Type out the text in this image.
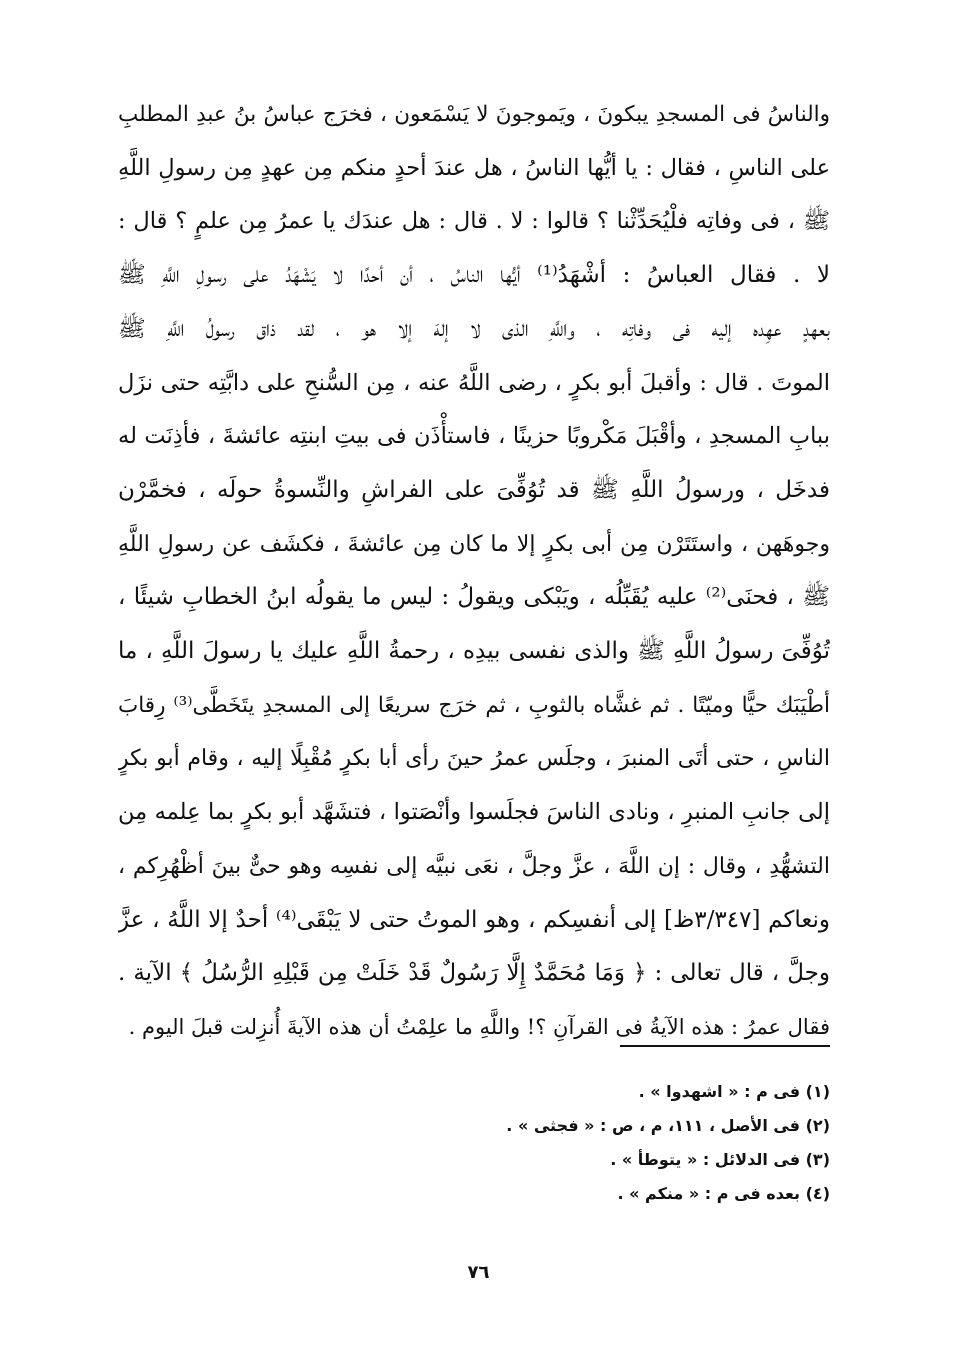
والناسُ فى المسجدِ يبكونَ ، ويَموجونَ لا يَسْمَعون ، فخرَج عباسُ بنُ عبدِ المطلبِ
على الناسِ ، فقال : يا أيُّها الناسُ ، هل عندَ أحدٍ منكم مِن عهدٍ مِن رسولِ اللَّهِ
ﷺ ، فى وفاتِه فلْيُحَدِّثْنا ؟ قالوا : لا . قال : هل عندَك يا عمرُ مِن علمٍ ؟ قال :
لا . فقال العباسُ : أشْهَدُ⁽¹⁾ أيُّها الناسُ ، أن أحدًا لا يَشْهَدُ على رسولِ اللَّهِ ﷺ
بعهدٍ عهِده إليه فى وفاتِه ، واللَّهِ الذى لا إلهَ إلا هو ، لقد ذاق رسولُ اللَّهِ ﷺ
الموتَ . قال : وأقبلَ أبو بكرٍ ، رضى اللَّهُ عنه ، مِن السُّنحِ على دابَّتِه حتى نزَل
ببابِ المسجدِ ، وأقْبَلَ مَكْروبًا حزينًا ، فاستأْذَن فى بيتِ ابنتِه عائشةَ ، فأذِنَت له
فدخَل ، ورسولُ اللَّهِ ﷺ قد تُوُفِّىَ على الفراشِ والنِّسوةُ حولَه ، فخمَّرْن
وجوهَهن ، واستَتَرْن مِن أبى بكرٍ إلا ما كان مِن عائشةَ ، فكشَف عن رسولِ اللَّهِ
ﷺ ، فحنَى⁽²⁾ عليه يُقَبِّلُه ، ويَبْكى ويقولُ : ليس ما يقولُه ابنُ الخطابِ شيئًا ،
تُوُفِّىَ رسولُ اللَّهِ ﷺ والذى نفسى بيدِه ، رحمةُ اللَّهِ عليك يا رسولَ اللَّهِ ، ما
أطْيَبَك حيًّا وميّتًا . ثم غشَّاه بالثوبِ ، ثم خرَج سريعًا إلى المسجدِ يتَخَطَّى⁽³⁾ رِقابَ
الناسِ ، حتى أتَى المنبرَ ، وجلَس عمرُ حينَ رأى أبا بكرٍ مُقْبِلًا إليه ، وقام أبو بكرٍ
إلى جانبِ المنبرِ ، ونادى الناسَ فجلَسوا وأنْصَتوا ، فتشَهَّد أبو بكرٍ بما عِلمه مِن
التشهُّدِ ، وقال : إن اللَّهَ ، عزَّ وجلَّ ، نعَى نبيَّه إلى نفسِه وهو حىٌّ بينَ أظْهُرِكم ،
ونعاكم [٣/٣٤٧ظ] إلى أنفسِكم ، وهو الموتُ حتى لا يَبْقَى⁽⁴⁾ أحدٌ إلا اللَّهُ ، عزَّ
وجلَّ ، قال تعالى : ﴿ وَمَا مُحَمَّدٌ إِلَّا رَسُولٌ قَدْ خَلَتْ مِن قَبْلِهِ الرُّسُلُ ﴾ الآية .
فقال عمرُ : هذه الآيةُ فى القرآنِ ؟! واللَّهِ ما علِمْتُ أن هذه الآيةَ أُنزِلت قبلَ اليوم .
(١) فى م : « اشهدوا » .
(٢) فى الأصل ، ١١١، م ، ص : « فجثى » .
(٣) فى الدلائل : « يتوطأ » .
(٤) بعده فى م : « منكم » .
٧٦
